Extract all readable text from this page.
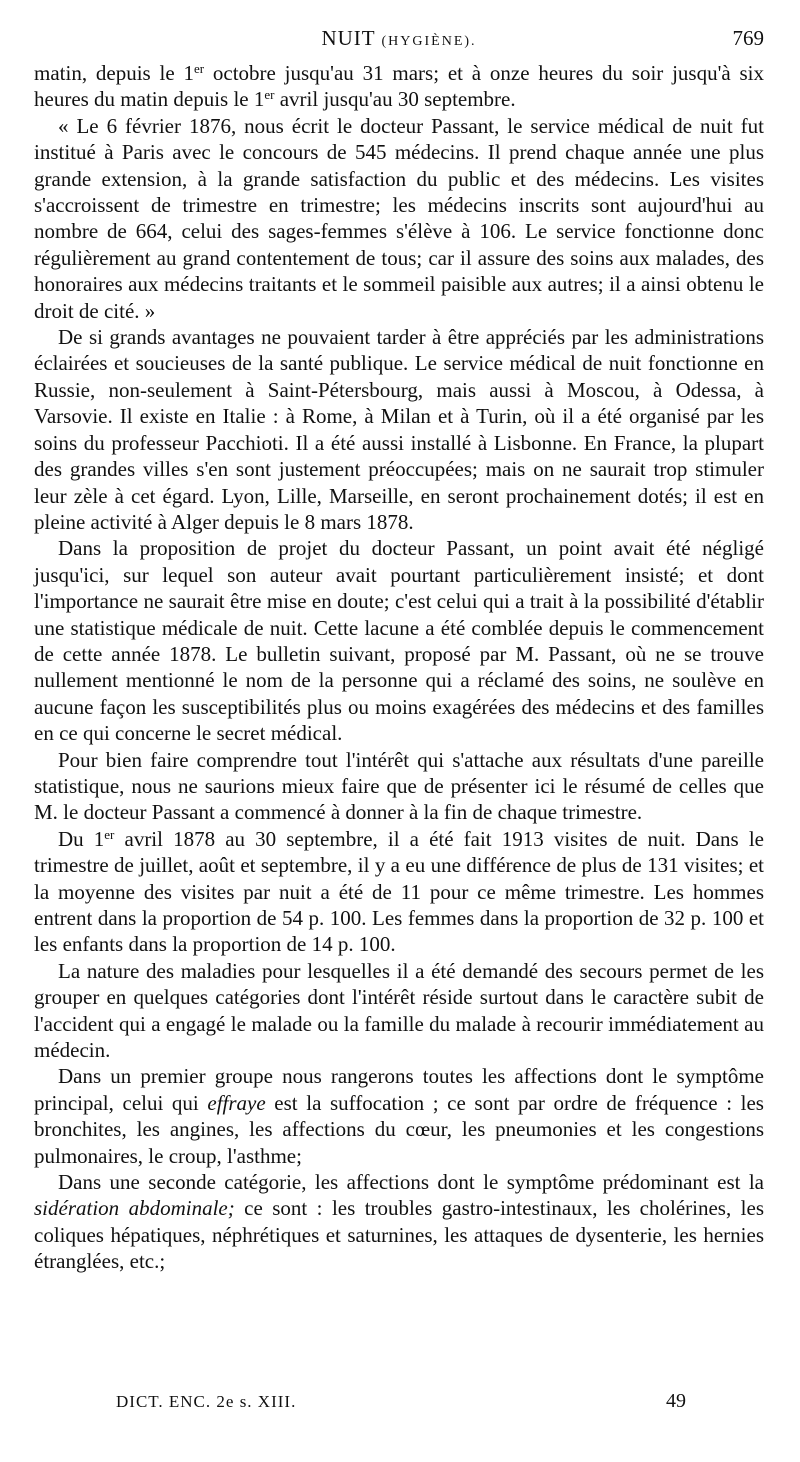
NUIT (HYGIÈNE).	769

matin, depuis le 1er octobre jusqu'au 31 mars; et à onze heures du soir jusqu'à six heures du matin depuis le 1er avril jusqu'au 30 septembre.

« Le 6 février 1876, nous écrit le docteur Passant, le service médical de nuit fut institué à Paris avec le concours de 545 médecins. Il prend chaque année une plus grande extension, à la grande satisfaction du public et des médecins. Les visites s'accroissent de trimestre en trimestre; les médecins inscrits sont aujourd'hui au nombre de 664, celui des sages-femmes s'élève à 106. Le service fonctionne donc régulièrement au grand contentement de tous; car il assure des soins aux malades, des honoraires aux médecins traitants et le sommeil paisible aux autres; il a ainsi obtenu le droit de cité. »

De si grands avantages ne pouvaient tarder à être appréciés par les administrations éclairées et soucieuses de la santé publique. Le service médical de nuit fonctionne en Russie, non-seulement à Saint-Pétersbourg, mais aussi à Moscou, à Odessa, à Varsovie. Il existe en Italie : à Rome, à Milan et à Turin, où il a été organisé par les soins du professeur Pacchioti. Il a été aussi installé à Lisbonne. En France, la plupart des grandes villes s'en sont justement préoccupées; mais on ne saurait trop stimuler leur zèle à cet égard. Lyon, Lille, Marseille, en seront prochainement dotés; il est en pleine activité à Alger depuis le 8 mars 1878.

Dans la proposition de projet du docteur Passant, un point avait été négligé jusqu'ici, sur lequel son auteur avait pourtant particulièrement insisté; et dont l'importance ne saurait être mise en doute; c'est celui qui a trait à la possibilité d'établir une statistique médicale de nuit. Cette lacune a été comblée depuis le commencement de cette année 1878. Le bulletin suivant, proposé par M. Passant, où ne se trouve nullement mentionné le nom de la personne qui a réclamé des soins, ne soulève en aucune façon les susceptibilités plus ou moins exagérées des médecins et des familles en ce qui concerne le secret médical.

Pour bien faire comprendre tout l'intérêt qui s'attache aux résultats d'une pareille statistique, nous ne saurions mieux faire que de présenter ici le résumé de celles que M. le docteur Passant a commencé à donner à la fin de chaque trimestre.

Du 1er avril 1878 au 30 septembre, il a été fait 1913 visites de nuit. Dans le trimestre de juillet, août et septembre, il y a eu une différence de plus de 131 visites; et la moyenne des visites par nuit a été de 11 pour ce même trimestre. Les hommes entrent dans la proportion de 54 p. 100. Les femmes dans la proportion de 32 p. 100 et les enfants dans la proportion de 14 p. 100.

La nature des maladies pour lesquelles il a été demandé des secours permet de les grouper en quelques catégories dont l'intérêt réside surtout dans le caractère subit de l'accident qui a engagé le malade ou la famille du malade à recourir immédiatement au médecin.

Dans un premier groupe nous rangerons toutes les affections dont le symptôme principal, celui qui effraye est la suffocation ; ce sont par ordre de fréquence : les bronchites, les angines, les affections du cœur, les pneumonies et les congestions pulmonaires, le croup, l'asthme;

Dans une seconde catégorie, les affections dont le symptôme prédominant est la sidération abdominale; ce sont : les troubles gastro-intestinaux, les cholérines, les coliques hépatiques, néphrétiques et saturnines, les attaques de dysenterie, les hernies étranglées, etc.;

DICT. ENC. 2e s. XIII.	49
